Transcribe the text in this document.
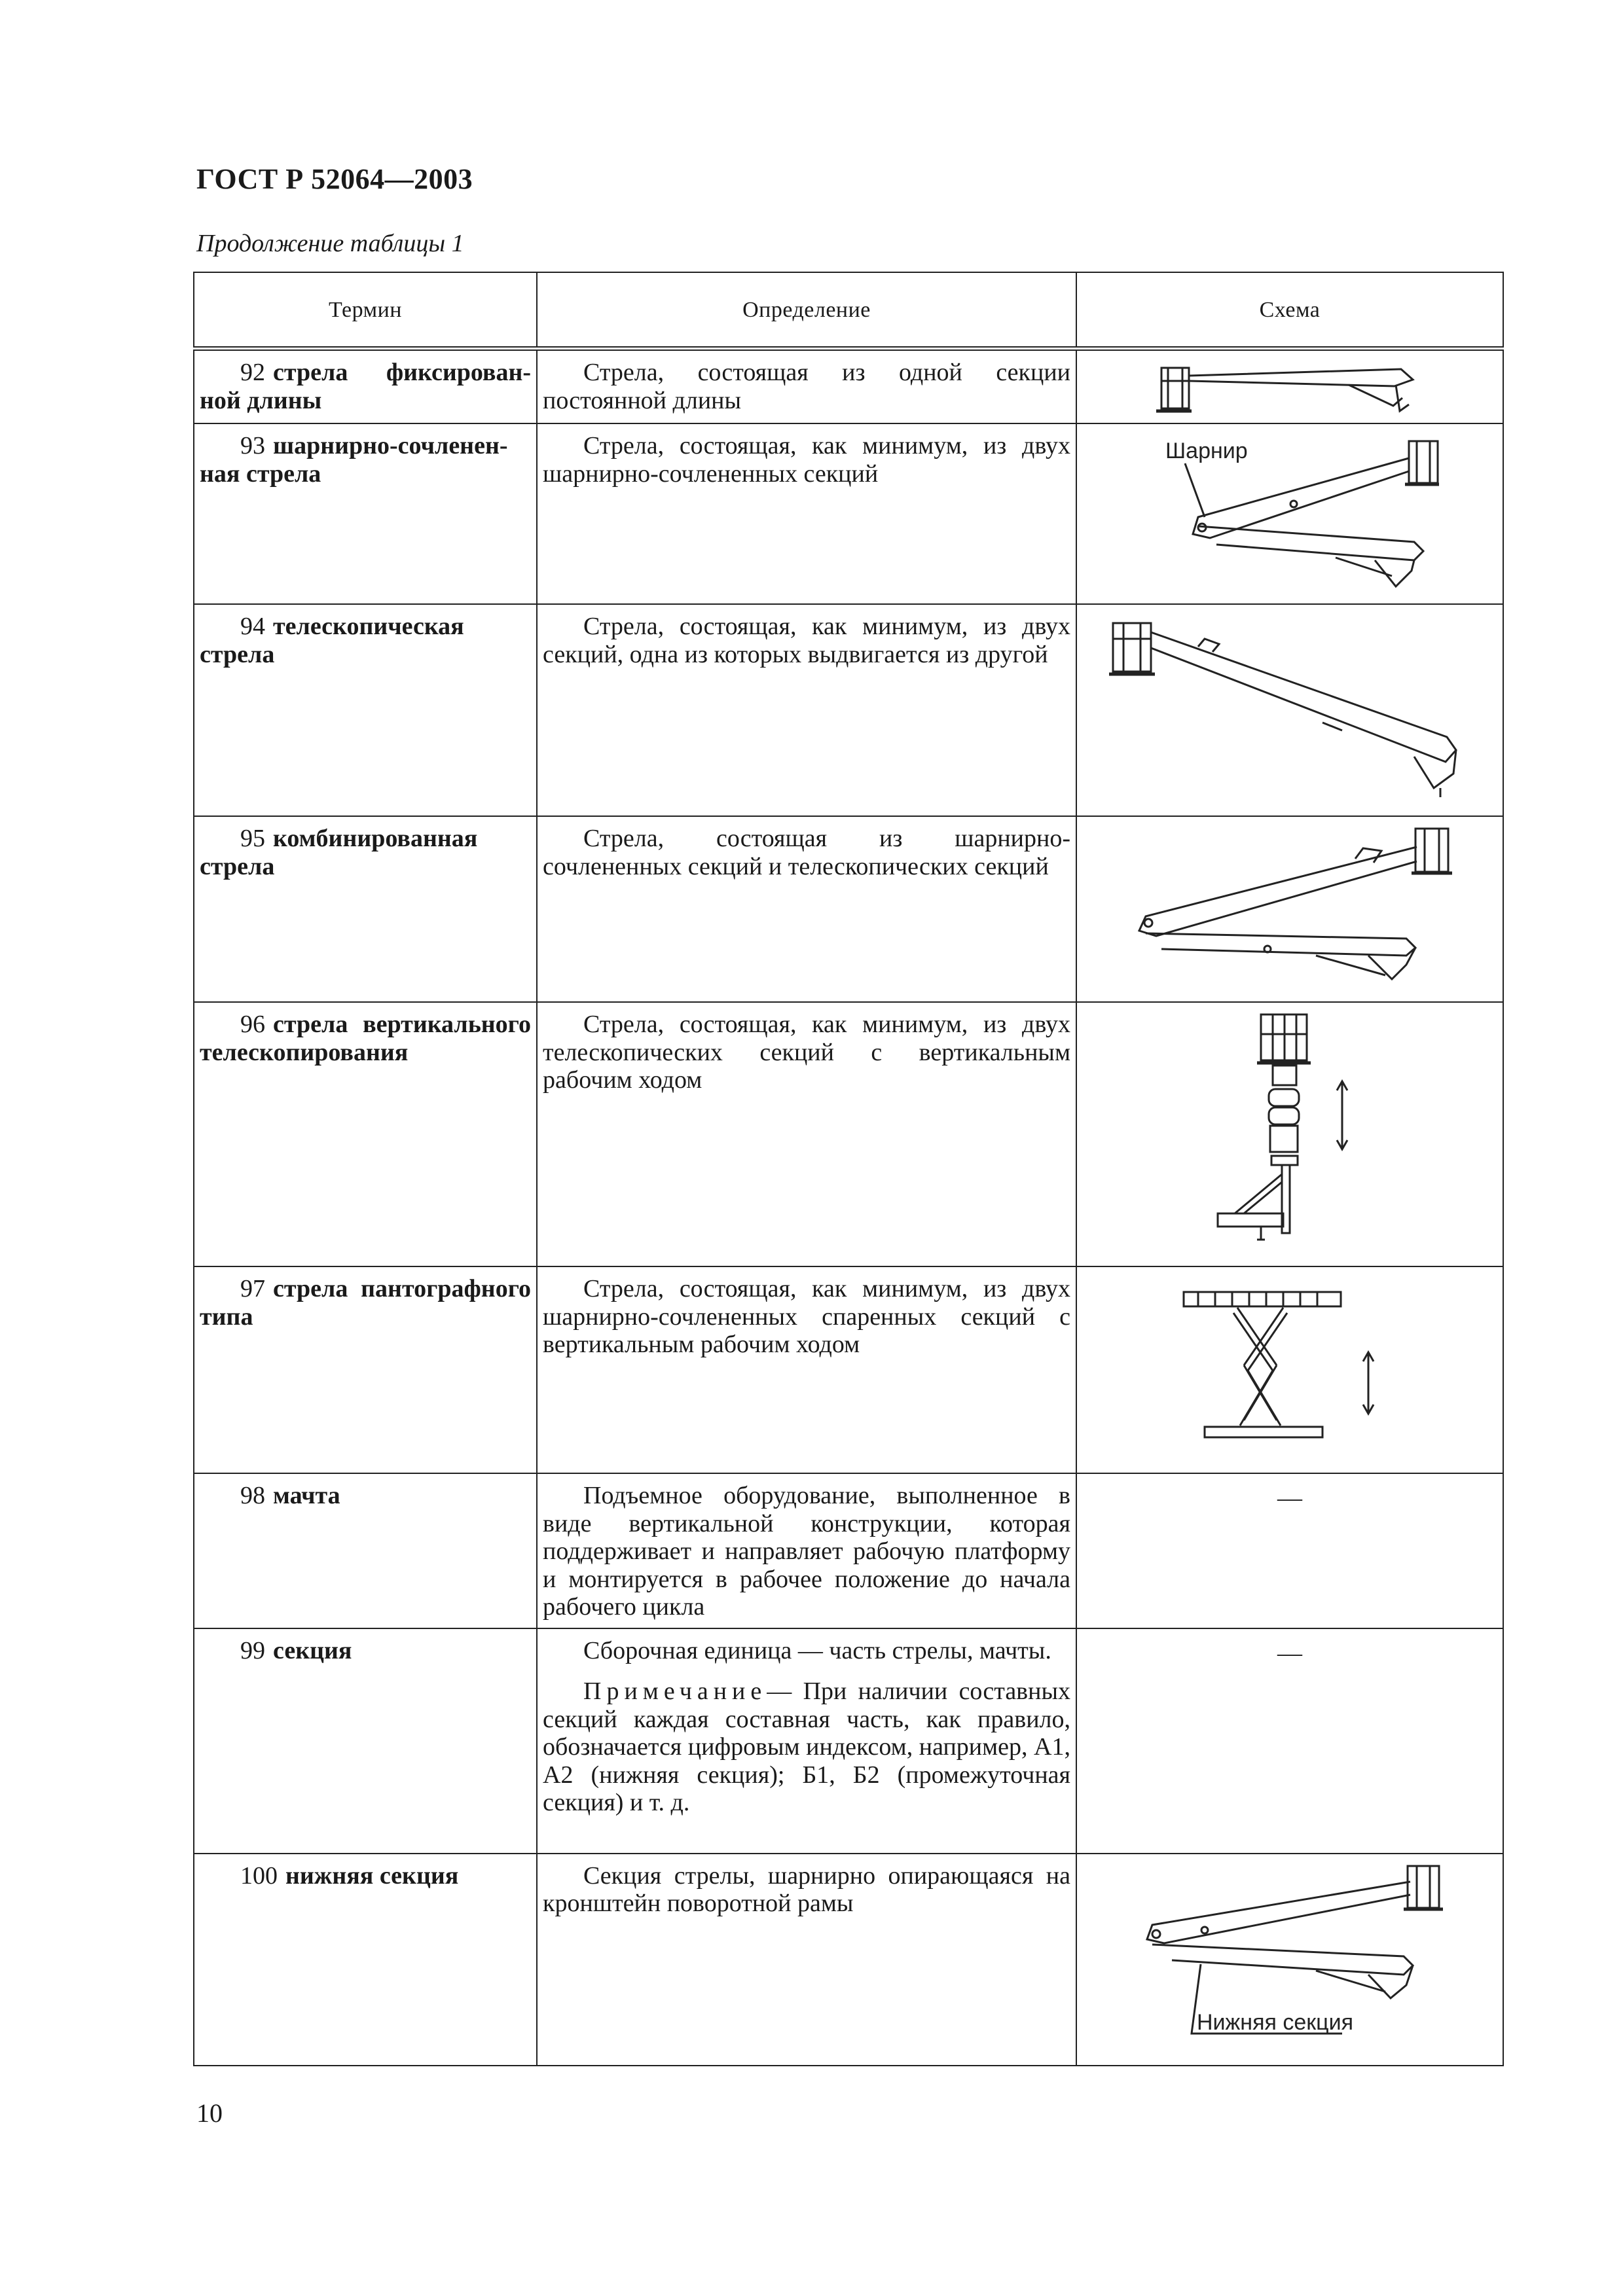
ГОСТ Р 52064—2003
Продолжение таблицы 1
Термин	Определение	Схема
92 стрела фиксирован-ной длины	Стрела, состоящая из одной секции постоянной длины

93 шарнирно-сочленен-ная стрела	Стрела, состоящая, как минимум, из двух шарнирно-сочлененных секций	Шарнир

94 телескопическая стрела	Стрела, состоящая, как минимум, из двух секций, одна из которых выдвигается из другой

95 комбинированная стрела	Стрела, состоящая из шарнирно-сочлененных секций и телескопических секций

96 стрела вертикального телескопирования	Стрела, состоящая, как минимум, из двух телескопических секций с вертикальным рабочим ходом

97 стрела пантографного типа	Стрела, состоящая, как минимум, из двух шарнирно-сочлененных спаренных секций с вертикальным рабочим ходом

98 мачта	Подъемное оборудование, выполненное в виде вертикальной конструкции, которая поддерживает и направляет рабочую платформу и монтируется в рабочее положение до начала рабочего цикла	—
99 секция	Сборочная единица — часть стрелы, мачты.

Примечание— При наличии составных секций каждая составная часть, как правило, обозначается цифровым индексом, например, А1, А2 (нижняя секция); Б1, Б2 (промежуточная секция) и т. д.	—
100 нижняя секция	Секция стрелы, шарнирно опирающаяся на кронштейн поворотной рамы	Нижняя секция
10
